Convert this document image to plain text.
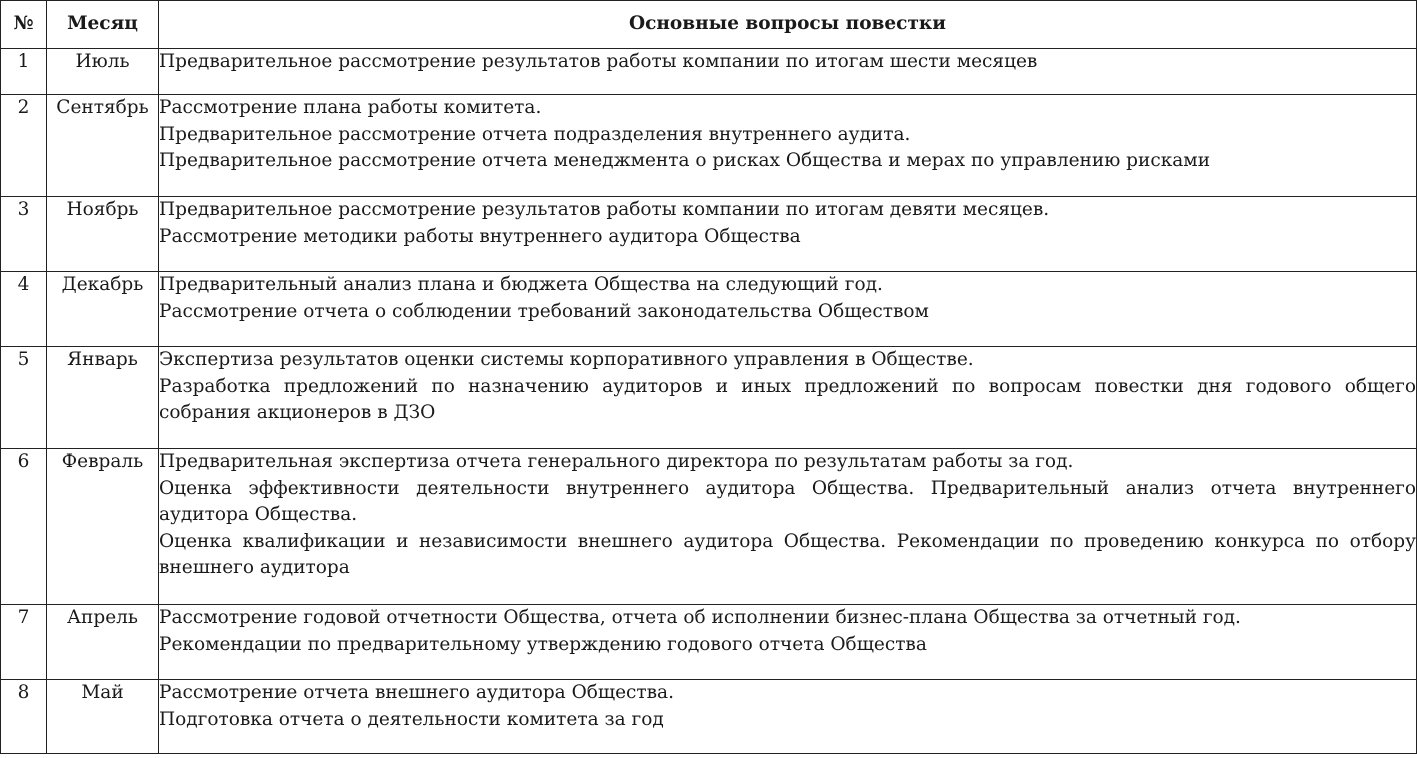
№	Месяц	Основные вопросы повестки
1	Июль	Предварительное рассмотрение результатов работы компании по итогам шести месяцев

2	Сентябрь	Рассмотрение плана работы комитета.
Предварительное рассмотрение отчета подразделения внутреннего аудита.
Предварительное рассмотрение отчета менеджмента о рисках Общества и мерах по управлению рисками

3	Ноябрь	Предварительное рассмотрение результатов работы компании по итогам девяти месяцев.
Рассмотрение методики работы внутреннего аудитора Общества

4	Декабрь	Предварительный анализ плана и бюджета Общества на следующий год.
Рассмотрение отчета о соблюдении требований законодательства Обществом

5	Январь	Экспертиза результатов оценки системы корпоративного управления в Обществе.
Разработка предложений по назначению аудиторов и иных предложений по вопросам повестки дня годового общего собрания акционеров в ДЗО

6	Февраль	Предварительная экспертиза отчета генерального директора по результатам работы за год.
Оценка эффективности деятельности внутреннего аудитора Общества. Предварительный анализ отчета внутреннего аудитора Общества.
Оценка квалификации и независимости внешнего аудитора Общества. Рекомендации по проведению конкурса по отбору внешнего аудитора

7	Апрель	Рассмотрение годовой отчетности Общества, отчета об исполнении бизнес-плана Общества за отчетный год.
Рекомендации по предварительному утверждению годового отчета Общества

8	Май	Рассмотрение отчета внешнего аудитора Общества.
Подготовка отчета о деятельности комитета за год
